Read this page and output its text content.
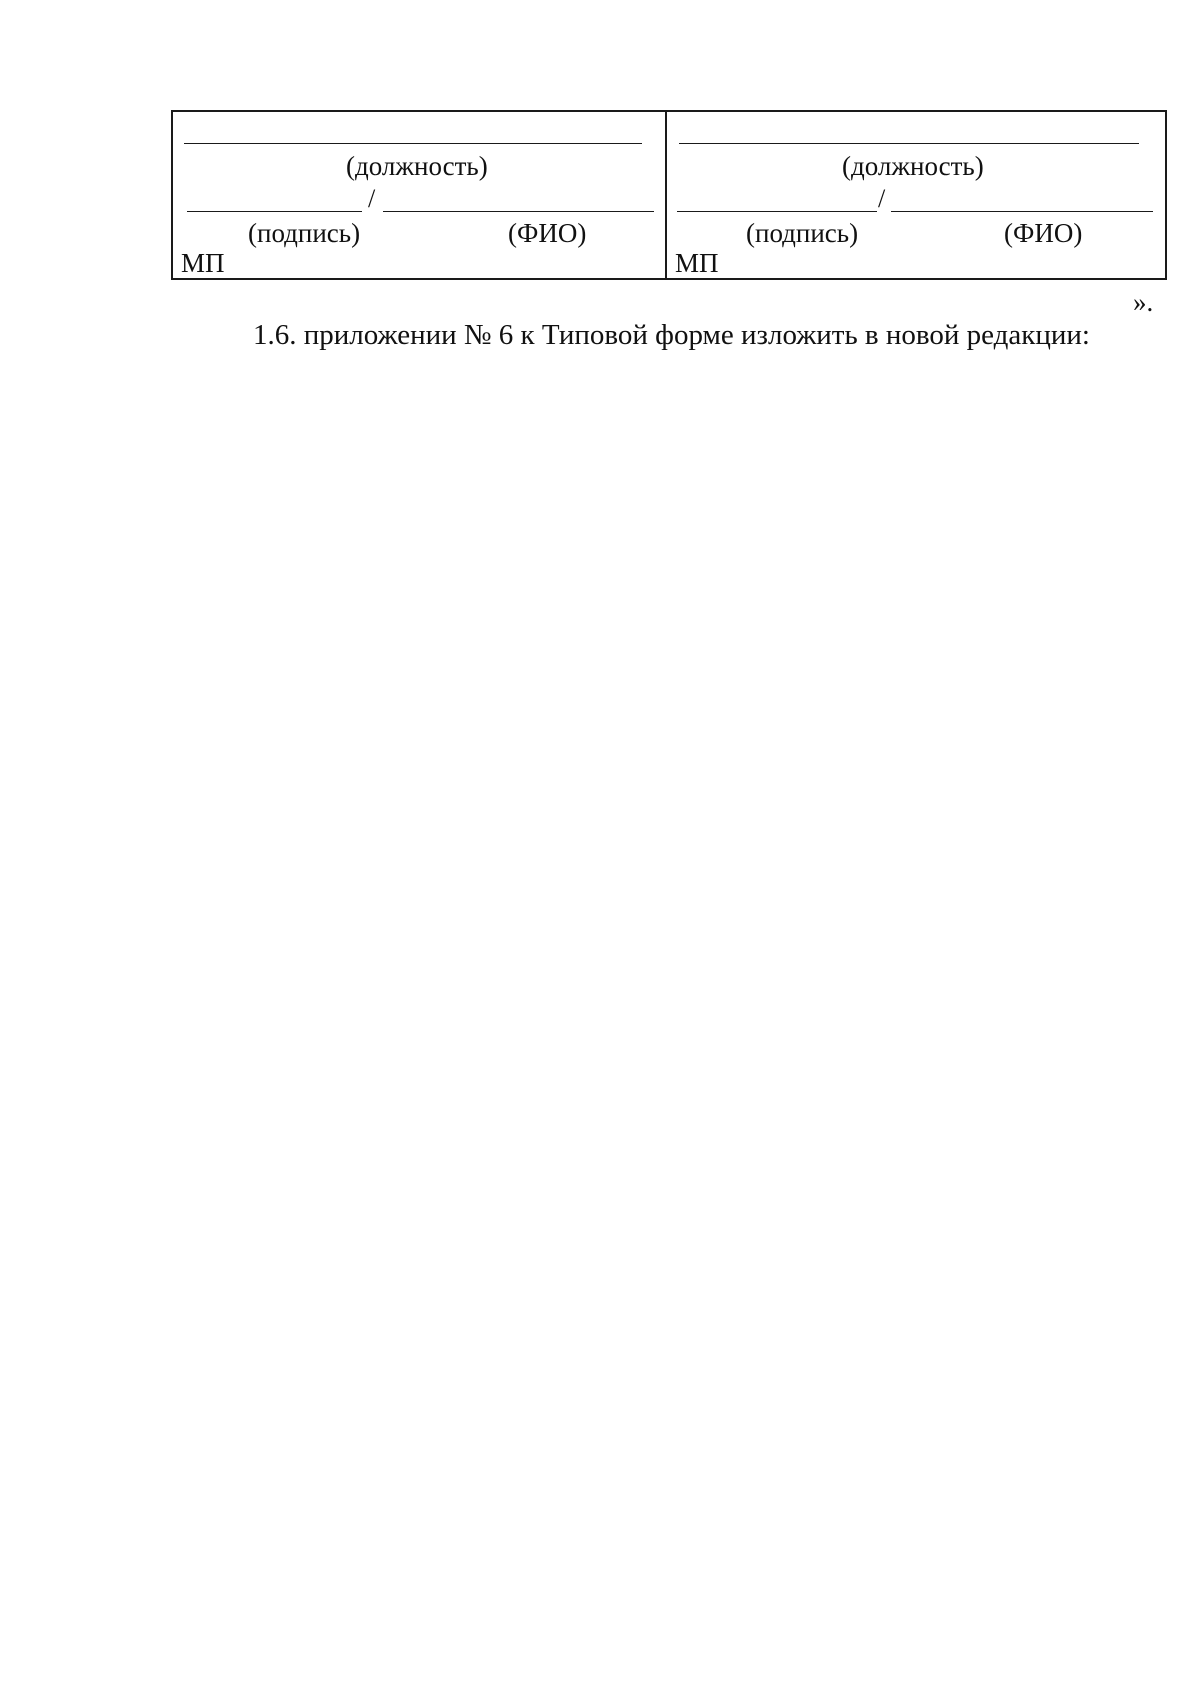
(должность)
/
(подпись)	(ФИО)
МП
(должность)
/
(подпись)	(ФИО)
МП
».
1.6. приложении № 6 к Типовой форме изложить в новой редакции:
